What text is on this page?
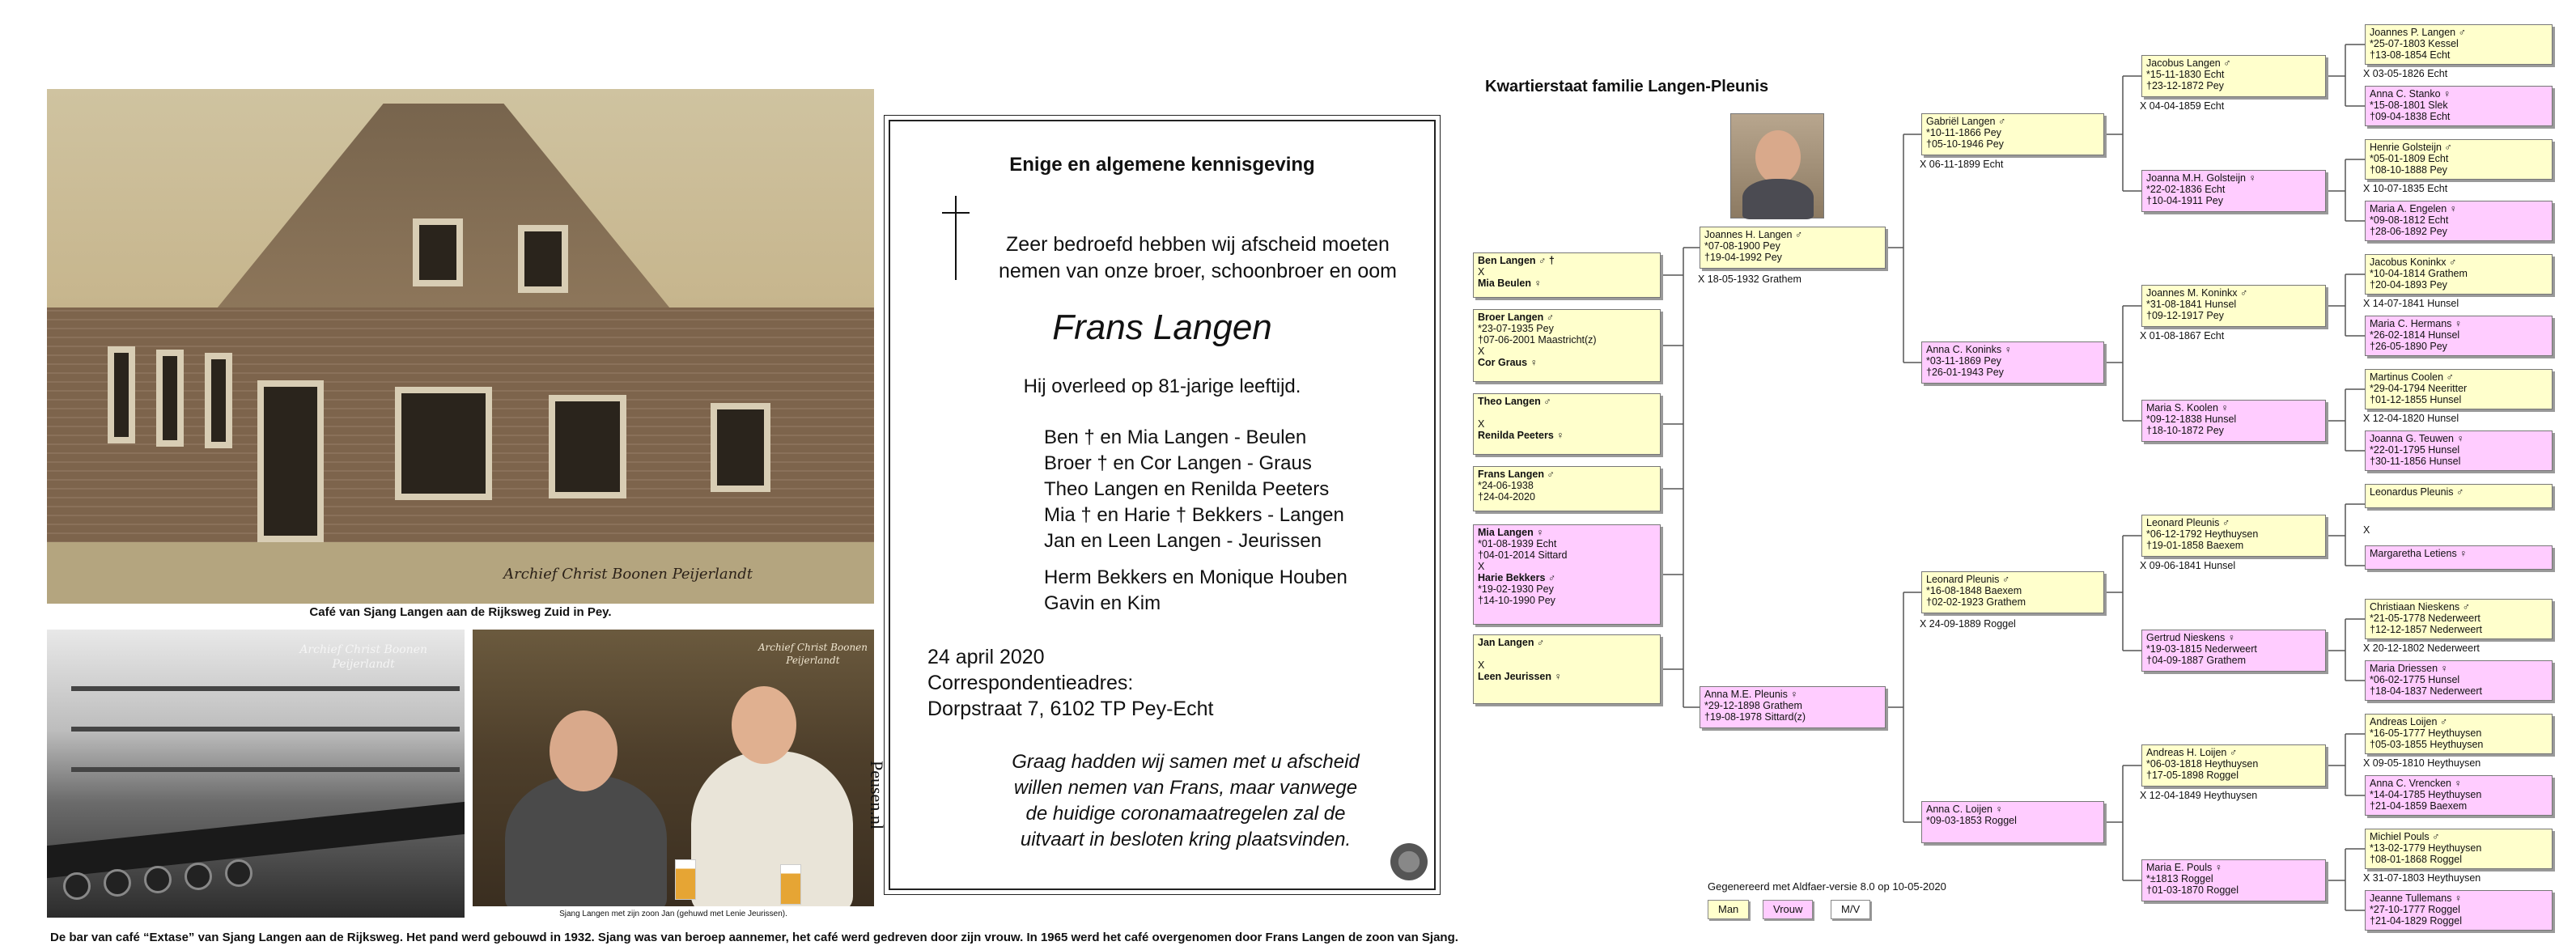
Archief Christ Boonen Peijerlandt
Café van Sjang Langen aan de Rijksweg Zuid in Pey.
Archief Christ Boonen
Peijerlandt
Archief Christ Boonen
Peijerlandt
Sjang Langen met zijn zoon Jan (gehuwd met Lenie Jeurissen).
De bar van café “Extase” van Sjang Langen aan de Rijksweg. Het pand werd gebouwd in 1932. Sjang was van beroep aannemer, het café werd gedreven door zijn vrouw. In 1965 werd het café overgenomen door Frans Langen de zoon van Sjang.
Enige en algemene kennisgeving
Zeer bedroefd hebben wij afscheid moeten
nemen van onze broer, schoonbroer en oom
Frans Langen
Hij overleed op 81-jarige leeftijd.
Ben † en Mia Langen - Beulen
Broer † en Cor Langen - Graus
Theo Langen en Renilda Peeters
Mia † en Harie † Bekkers - Langen
Jan en Leen Langen - Jeurissen
Herm Bekkers en Monique Houben
Gavin en Kim
24 april 2020
Correspondentieadres:
Dorpstraat 7, 6102 TP Pey-Echt
Graag hadden wij samen met u afscheid
willen nemen van Frans, maar vanwege
de huidige coronamaatregelen zal de
uitvaart in besloten kring plaatsvinden.
Peusen.nl
Kwartierstaat familie Langen-Pleunis
Ben Langen ♂ †
X
Mia Beulen ♀
Broer Langen ♂
*23-07-1935 Pey
†07-06-2001 Maastricht(z)
X
Cor Graus ♀
Theo Langen ♂

X
Renilda Peeters ♀
Frans Langen ♂
*24-06-1938
†24-04-2020
Mia Langen ♀
*01-08-1939 Echt
†04-01-2014 Sittard
X
Harie Bekkers ♂
*19-02-1930 Pey
†14-10-1990 Pey
Jan Langen ♂

X
Leen Jeurissen ♀
Joannes H. Langen ♂
*07-08-1900 Pey
†19-04-1992 Pey
Anna M.E. Pleunis ♀
*29-12-1898 Grathem
†19-08-1978 Sittard(z)
X 18-05-1932 Grathem
Gabriël Langen ♂
*10-11-1866 Pey
†05-10-1946 Pey
Anna C. Koninks ♀
*03-11-1869 Pey
†26-01-1943 Pey
Leonard Pleunis ♂
*16-08-1848 Baexem
†02-02-1923 Grathem
Anna C. Loijen ♀
*09-03-1853 Roggel
X 06-11-1899 Echt
X 24-09-1889 Roggel
Jacobus Langen ♂
*15-11-1830 Echt
†23-12-1872 Pey
Joanna M.H. Golsteijn ♀
*22-02-1836 Echt
†10-04-1911 Pey
Joannes M. Koninkx ♂
*31-08-1841 Hunsel
†09-12-1917 Pey
Maria S. Koolen ♀
*09-12-1838 Hunsel
†18-10-1872 Pey
Leonard Pleunis ♂
*06-12-1792 Heythuysen
†19-01-1858 Baexem
Gertrud Nieskens ♀
*19-03-1815 Nederweert
†04-09-1887 Grathem
Andreas H. Loijen ♂
*06-03-1818 Heythuysen
†17-05-1898 Roggel
Maria E. Pouls ♀
*±1813 Roggel
†01-03-1870 Roggel
X 04-04-1859 Echt
X 01-08-1867 Echt
X 09-06-1841 Hunsel
X 12-04-1849 Heythuysen
Joannes P. Langen ♂
*25-07-1803 Kessel
†13-08-1854 Echt
Anna C. Stanko ♀
*15-08-1801 Slek
†09-04-1838 Echt
Henrie Golsteijn ♂
*05-01-1809 Echt
†08-10-1888 Pey
Maria A. Engelen ♀
*09-08-1812 Echt
†28-06-1892 Pey
Jacobus Koninkx ♂
*10-04-1814 Grathem
†20-04-1893 Pey
Maria C. Hermans ♀
*26-02-1814 Hunsel
†26-05-1890 Pey
Martinus Coolen ♂
*29-04-1794 Neeritter
†01-12-1855 Hunsel
Joanna G. Teuwen ♀
*22-01-1795 Hunsel
†30-11-1856 Hunsel
Leonardus Pleunis ♂
Margaretha Letiens ♀
Christiaan Nieskens ♂
*21-05-1778 Nederweert
†12-12-1857 Nederweert
Maria Driessen ♀
*06-02-1775 Hunsel
†18-04-1837 Nederweert
Andreas Loijen ♂
*16-05-1777 Heythuysen
†05-03-1855 Heythuysen
Anna C. Vrencken ♀
*14-04-1785 Heythuysen
†21-04-1859 Baexem
Michiel Pouls ♂
*13-02-1779 Heythuysen
†08-01-1868 Roggel
Jeanne Tullemans ♀
*27-10-1777 Roggel
†21-04-1829 Roggel
X 03-05-1826 Echt
X 10-07-1835 Echt
X 14-07-1841 Hunsel
X 12-04-1820 Hunsel
X
X 20-12-1802 Nederweert
X 09-05-1810 Heythuysen
X 31-07-1803 Heythuysen
Gegenereerd met Aldfaer-versie 8.0 op 10-05-2020
Man	Vrouw	M/V
